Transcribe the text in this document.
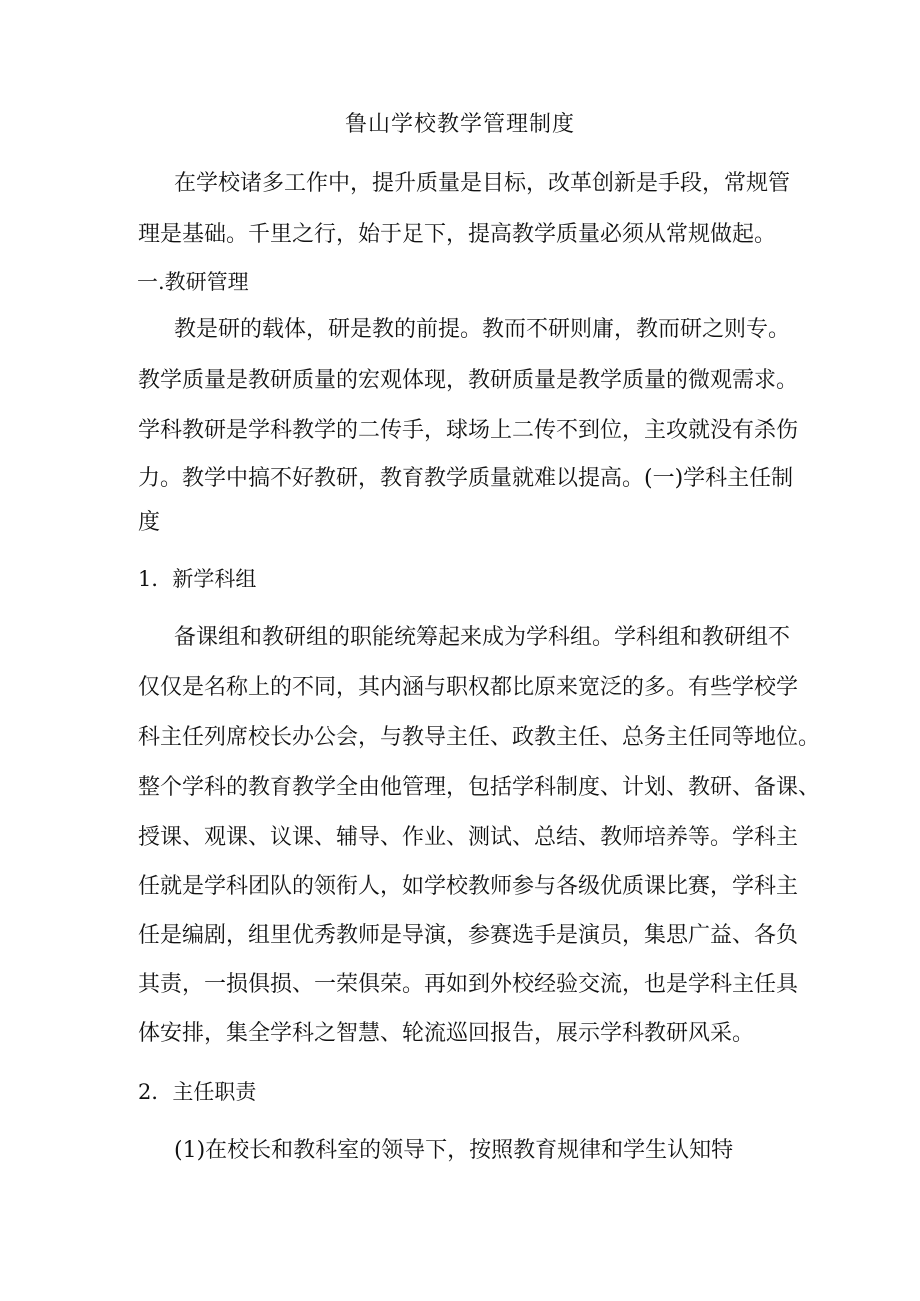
鲁山学校教学管理制度
在学校诸多工作中，提升质量是目标，改革创新是手段，常规管
理是基础。千里之行，始于足下，提高教学质量必须从常规做起。
一.教研管理
教是研的载体，研是教的前提。教而不研则庸，教而研之则专。
教学质量是教研质量的宏观体现，教研质量是教学质量的微观需求。
学科教研是学科教学的二传手，球场上二传不到位，主攻就没有杀伤
力。教学中搞不好教研，教育教学质量就难以提高。(一)学科主任制
度
1．新学科组
备课组和教研组的职能统筹起来成为学科组。学科组和教研组不
仅仅是名称上的不同，其内涵与职权都比原来宽泛的多。有些学校学
科主任列席校长办公会，与教导主任、政教主任、总务主任同等地位。
整个学科的教育教学全由他管理，包括学科制度、计划、教研、备课、
授课、观课、议课、辅导、作业、测试、总结、教师培养等。学科主
任就是学科团队的领衔人，如学校教师参与各级优质课比赛，学科主
任是编剧，组里优秀教师是导演，参赛选手是演员，集思广益、各负
其责，一损俱损、一荣俱荣。再如到外校经验交流，也是学科主任具
体安排，集全学科之智慧、轮流巡回报告，展示学科教研风采。
2．主任职责
(1)在校长和教科室的领导下，按照教育规律和学生认知特
